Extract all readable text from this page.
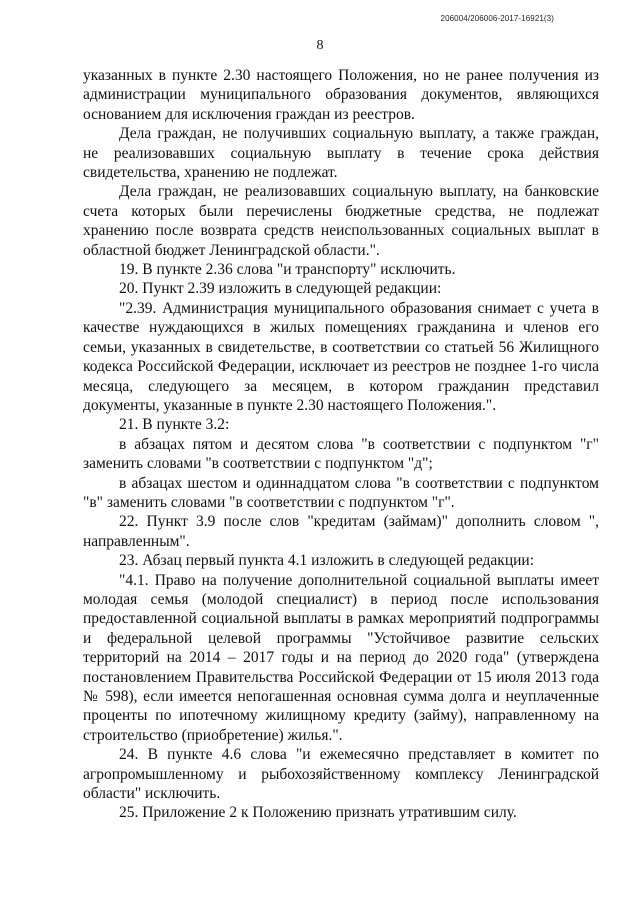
206004/206006-2017-16921(3)
8

указанных в пункте 2.30 настоящего Положения, но не ранее получения из администрации муниципального образования документов, являющихся основанием для исключения граждан из реестров.

Дела граждан, не получивших социальную выплату, а также граждан, не реализовавших социальную выплату в течение срока действия свидетельства, хранению не подлежат.

Дела граждан, не реализовавших социальную выплату, на банковские счета которых были перечислены бюджетные средства, не подлежат хранению после возврата средств неиспользованных социальных выплат в областной бюджет Ленинградской области.".

19. В пункте 2.36 слова "и транспорту" исключить.

20. Пункт 2.39 изложить в следующей редакции:

"2.39. Администрация муниципального образования снимает с учета в качестве нуждающихся в жилых помещениях гражданина и членов его семьи, указанных в свидетельстве, в соответствии со статьей 56 Жилищного кодекса Российской Федерации, исключает из реестров не позднее 1-го числа месяца, следующего за месяцем, в котором гражданин представил документы, указанные в пункте 2.30 настоящего Положения.".

21. В пункте 3.2:

в абзацах пятом и десятом слова "в соответствии с подпунктом "г" заменить словами "в соответствии с подпунктом "д";

в абзацах шестом и одиннадцатом слова "в соответствии с подпунктом "в" заменить словами "в соответствии с подпунктом "г".

22. Пункт 3.9 после слов "кредитам (займам)" дополнить словом ", направленным".

23. Абзац первый пункта 4.1 изложить в следующей редакции:

"4.1. Право на получение дополнительной социальной выплаты имеет молодая семья (молодой специалист) в период после использования предоставленной социальной выплаты в рамках мероприятий подпрограммы и федеральной целевой программы "Устойчивое развитие сельских территорий на 2014 – 2017 годы и на период до 2020 года" (утверждена постановлением Правительства Российской Федерации от 15 июля 2013 года № 598), если имеется непогашенная основная сумма долга и неуплаченные проценты по ипотечному жилищному кредиту (займу), направленному на строительство (приобретение) жилья.".

24. В пункте 4.6 слова "и ежемесячно представляет в комитет по агропромышленному и рыбохозяйственному комплексу Ленинградской области" исключить.

25. Приложение 2 к Положению признать утратившим силу.
